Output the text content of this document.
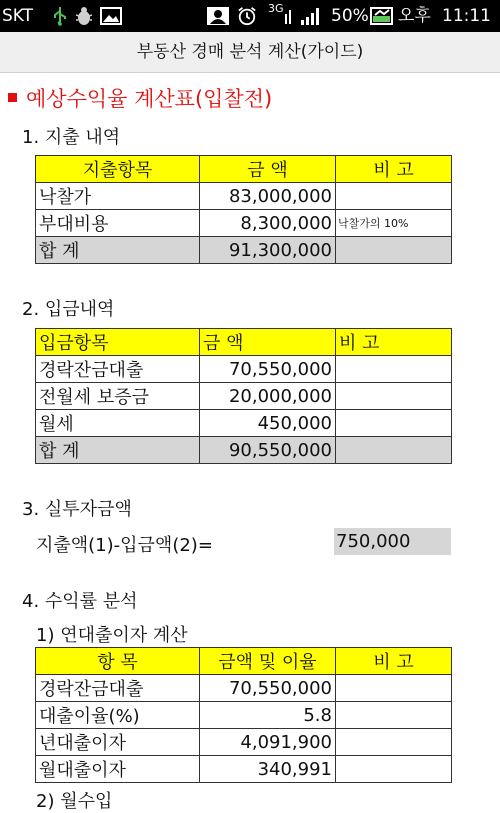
SKT	3G	50% 오후 11:11
부동산 경매 분석 계산(가이드)
예상수익율 계산표(입찰전)
1. 지출 내역
지출항목	금 액	비 고
낙찰가	83,000,000	
부대비용	8,300,000	낙찰가의 10%
합 계	91,300,000	
2. 입금내역
입금항목	금 액	비 고
경락잔금대출	70,550,000	
전월세 보증금	20,000,000	
월세	450,000	
합 계	90,550,000	
3. 실투자금액
지출액(1)-입금액(2)=	750,000
4. 수익률 분석
1) 연대출이자 계산
항 목	금액 및 이율	비 고
경락잔금대출	70,550,000	
대출이율(%)	5.8	
년대출이자	4,091,900	
월대출이자	340,991	
2) 월수입
